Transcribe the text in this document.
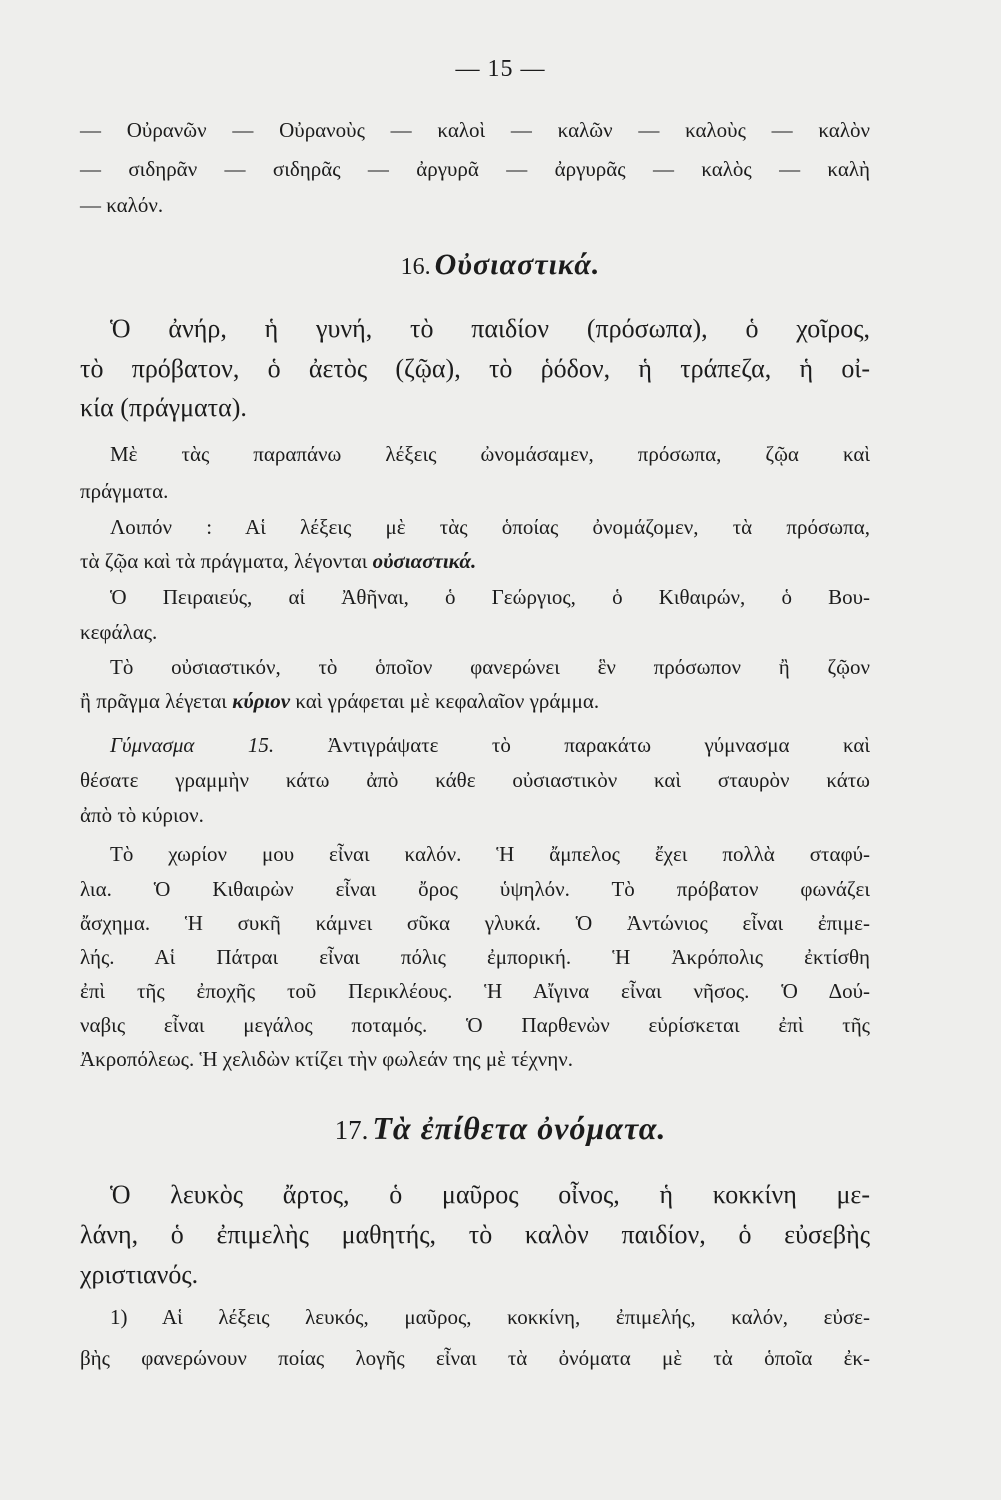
— 15 —
— Οὐρανῶν — Οὐρανοὺς — καλοὶ — καλῶν — καλοὺς — καλὸν
— σιδηρᾶν — σιδηρᾶς — ἀργυρᾶ — ἀργυρᾶς — καλὸς — καλὴ
— καλόν.
16. Οὐσιαστικά.
Ὁ ἀνήρ, ἡ γυνή, τὸ παιδίον (πρόσωπα), ὁ χοῖρος,
τὸ πρόβατον, ὁ ἀετὸς (ζῷα), τὸ ῥόδον, ἡ τράπεζα, ἡ οἰ-
κία (πράγματα).
Μὲ τὰς παραπάνω λέξεις ὠνομάσαμεν, πρόσωπα, ζῷα καὶ
πράγματα.
Λοιπόν : Αἱ λέξεις μὲ τὰς ὁποίας ὀνομάζομεν, τὰ πρόσωπα,
τὰ ζῷα καὶ τὰ πράγματα, λέγονται οὐσιαστικά.
Ὁ Πειραιεύς, αἱ Ἀθῆναι, ὁ Γεώργιος, ὁ Κιθαιρών, ὁ Βου-
κεφάλας.
Τὸ οὐσιαστικόν, τὸ ὁποῖον φανερώνει ἓν πρόσωπον ἢ ζῷον
ἢ πρᾶγμα λέγεται κύριον καὶ γράφεται μὲ κεφαλαῖον γράμμα.
Γύμνασμα 15. Ἀντιγράψατε τὸ παρακάτω γύμνασμα καὶ
θέσατε γραμμὴν κάτω ἀπὸ κάθε οὐσιαστικὸν καὶ σταυρὸν κάτω
ἀπὸ τὸ κύριον.
Τὸ χωρίον μου εἶναι καλόν. Ἡ ἄμπελος ἔχει πολλὰ σταφύ-
λια. Ὁ Κιθαιρὼν εἶναι ὄρος ὑψηλόν. Τὸ πρόβατον φωνάζει
ἄσχημα. Ἡ συκῆ κάμνει σῦκα γλυκά. Ὁ Ἀντώνιος εἶναι ἐπιμε-
λής. Αἱ Πάτραι εἶναι πόλις ἐμπορική. Ἡ Ἀκρόπολις ἐκτίσθη
ἐπὶ τῆς ἐποχῆς τοῦ Περικλέους. Ἡ Αἴγινα εἶναι νῆσος. Ὁ Δού-
ναβις εἶναι μεγάλος ποταμός. Ὁ Παρθενὼν εὑρίσκεται ἐπὶ τῆς
Ἀκροπόλεως. Ἡ χελιδὼν κτίζει τὴν φωλεάν της μὲ τέχνην.
17. Τὰ ἐπίθετα ὀνόματα.
Ὁ λευκὸς ἄρτος, ὁ μαῦρος οἶνος, ἡ κοκκίνη με-
λάνη, ὁ ἐπιμελὴς μαθητής, τὸ καλὸν παιδίον, ὁ εὐσεβὴς
χριστιανός.
1) Αἱ λέξεις λευκός, μαῦρος, κοκκίνη, ἐπιμελής, καλόν, εὐσε-
βὴς φανερώνουν ποίας λογῆς εἶναι τὰ ὀνόματα μὲ τὰ ὁποῖα ἐκ-
